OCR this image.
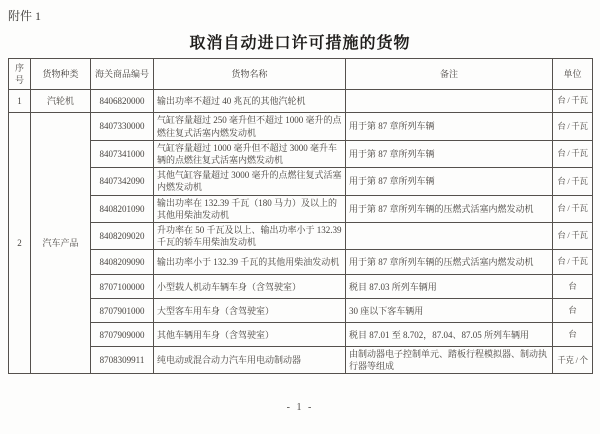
附件 1
取消自动进口许可措施的货物
序号	货物种类	海关商品编号	货物名称	备注	单位
1	汽轮机	8406820000	输出功率不超过 40 兆瓦的其他汽轮机		台 / 千瓦
2	汽车产品	8407330000	气缸容量超过 250 毫升但不超过 1000 毫升的点燃往复式活塞内燃发动机	用于第 87 章所列车辆	台 / 千瓦
		8407341000	气缸容量超过 1000 毫升但不超过 3000 毫升车辆的点燃往复式活塞内燃发动机	用于第 87 章所列车辆	台 / 千瓦
		8407342090	其他气缸容量超过 3000 毫升的点燃往复式活塞内燃发动机	用于第 87 章所列车辆	台 / 千瓦
		8408201090	输出功率在 132.39 千瓦（180 马力）及以上的其他用柴油发动机	用于第 87 章所列车辆的压燃式活塞内燃发动机	台 / 千瓦
		8408209020	升功率在 50 千瓦及以上、输出功率小于 132.39 千瓦的轿车用柴油发动机		台 / 千瓦
		8408209090	输出功率小于 132.39 千瓦的其他用柴油发动机	用于第 87 章所列车辆的压燃式活塞内燃发动机	台 / 千瓦
		8707100000	小型载人机动车辆车身（含驾驶室）	税目 87.03 所列车辆用	台
		8707901000	大型客车用车身（含驾驶室）	30 座以下客车辆用	台
		8707909000	其他车辆用车身（含驾驶室）	税目 87.01 至 8.702，87.04、87.05 所列车辆用	台
		8708309911	纯电动或混合动力汽车用电动制动器	由制动器电子控制单元、踏板行程模拟器、制动执行器等组成	千克 / 个
- 1 -
